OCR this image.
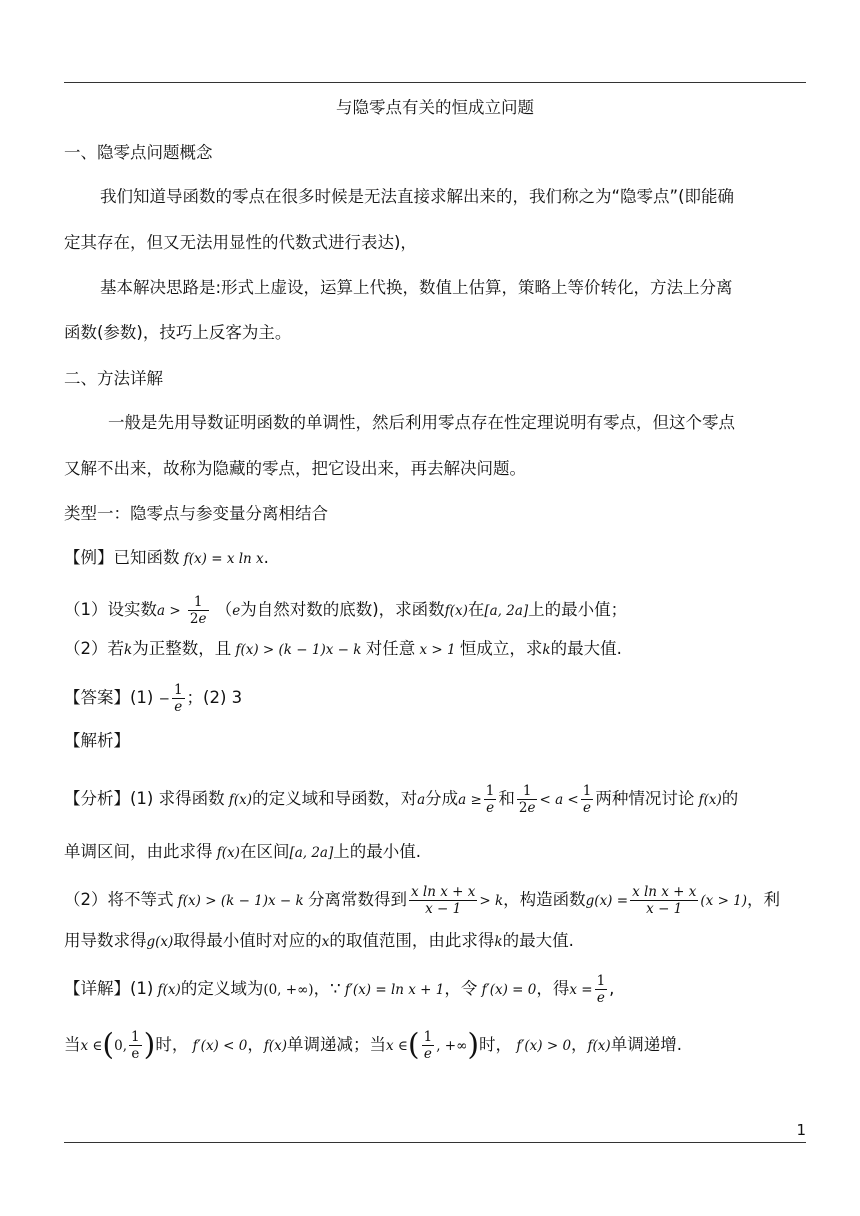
与隐零点有关的恒成立问题
一、隐零点问题概念
我们知道导函数的零点在很多时候是无法直接求解出来的，我们称之为“隐零点”(即能确
定其存在，但又无法用显性的代数式进行表达)，
基本解决思路是:形式上虚设，运算上代换，数值上估算，策略上等价转化，方法上分离
函数(参数)，技巧上反客为主。
二、方法详解
一般是先用导数证明函数的单调性，然后利用零点存在性定理说明有零点，但这个零点
又解不出来，故称为隐藏的零点，把它设出来，再去解决问题。
类型一：隐零点与参变量分离相结合
【例】已知函数 f(x) = x ln x.
（1）设实数$a > \frac{1}{2e} (e$为自然对数的底数)，求函数f(x)在[a, 2a]上的最小值；
（2）若k为正整数，且 f(x) > (k − 1)x − k 对任意 x > 1 恒成立，求k的最大值.
【答案】$(1) - \frac{1}{e}$ ；(2) 3
【解析】
【分析】(1) 求得函数 f(x)的定义域和导函数，对a分成$a \ge \frac{1}{e}$ 和 $\frac{1}{2e} < a < \frac{1}{e}$ 两种情况讨论 f(x)的
单调区间，由此求得 f(x)在区间[a, 2a]上的最小值.
（2）将不等式 f(x) > (k − 1)x − k 分离常数得到 $\frac{\text{x ln x + x}}{x - 1} > k$，构造函数$g(x) = \frac{\text{x ln x + x}}{x - 1} (x > 1)$，利
用导数求得g(x)取得最小值时对应的x的取值范围，由此求得k的最大值.
【详解】(1) f(x)的定义域为(0, +∞)，∵ f′(x) = ln x + 1，令 f′(x) = 0，得$x = \frac{1}{e}$ ,
当x ∈(0, $\frac{1}{e}$ )时， f′(x) < 0，f(x)单调递减；当x ∈( $\frac{1}{e}$ , +∞)时， f′(x) > 0，f(x)单调递增.
1
